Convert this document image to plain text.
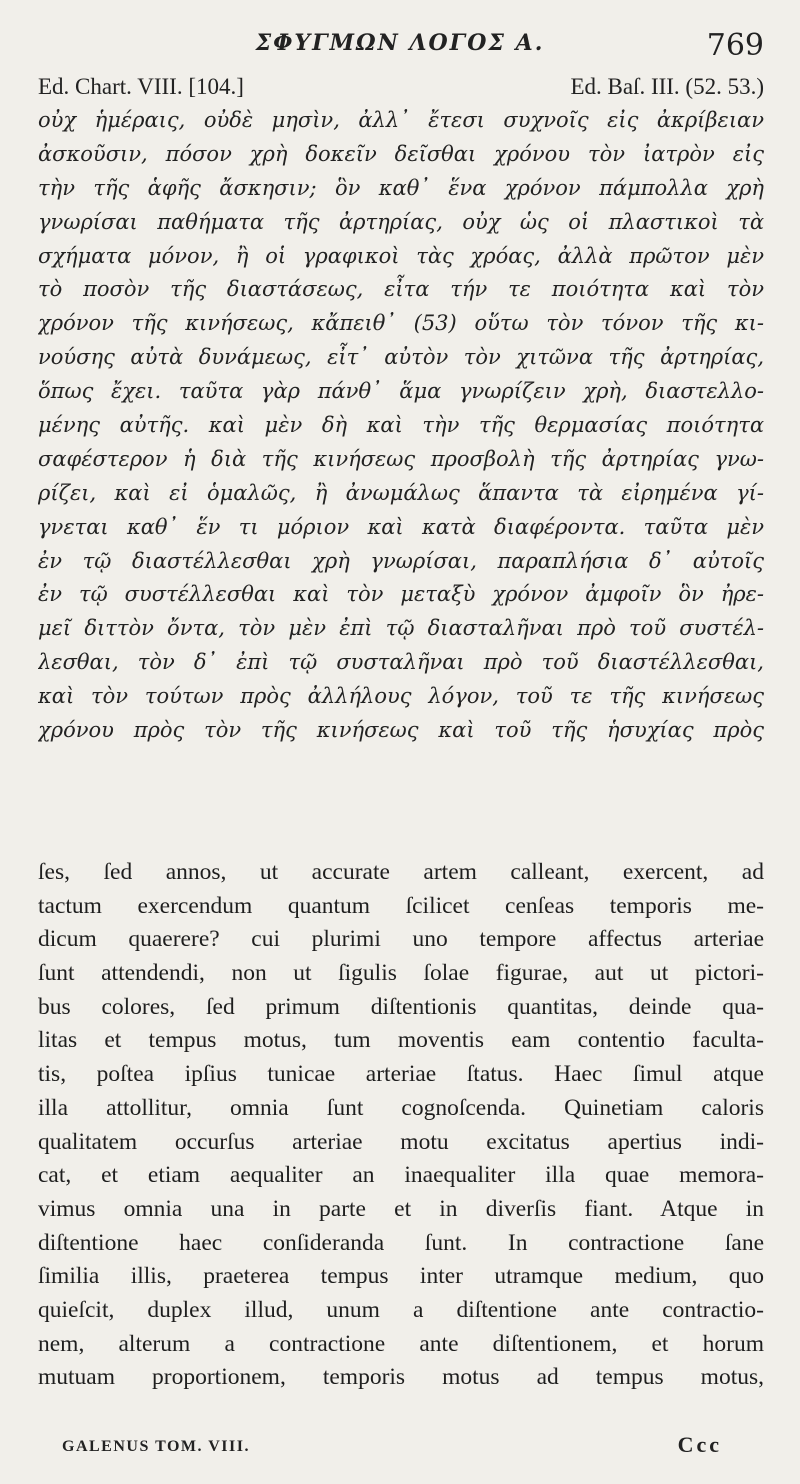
ΣΦΥΓΜΩΝ ΛΟΓΟΣ Α.	769
Ed. Chart. VIII. [104.]	Ed. Baſ. III. (52. 53.)
οὐχ ἡμέραις, οὐδὲ μησὶν, ἀλλ᾽ ἔτεσι συχνοῖς εἰς ἀκρίβειαν
ἀσκοῦσιν, πόσον χρὴ δοκεῖν δεῖσθαι χρόνου τὸν ἰατρὸν εἰς
τὴν τῆς ἁφῆς ἄσκησιν; ὃν καθ᾽ ἕνα χρόνον πάμπολλα χρὴ
γνωρίσαι παθήματα τῆς ἀρτηρίας, οὐχ ὡς οἱ πλαστικοὶ τὰ
σχήματα μόνον, ἢ οἱ γραφικοὶ τὰς χρόας, ἀλλὰ πρῶτον μὲν
τὸ ποσὸν τῆς διαστάσεως, εἶτα τήν τε ποιότητα καὶ τὸν
χρόνον τῆς κινήσεως, κἄπειθ᾽ (53) οὕτω τὸν τόνον τῆς κι-
νούσης αὐτὰ δυνάμεως, εἶτ᾽ αὐτὸν τὸν χιτῶνα τῆς ἀρτηρίας,
ὅπως ἔχει. ταῦτα γὰρ πάνθ᾽ ἅμα γνωρίζειν χρὴ, διαστελλο-
μένης αὐτῆς. καὶ μὲν δὴ καὶ τὴν τῆς θερμασίας ποιότητα
σαφέστερον ἡ διὰ τῆς κινήσεως προσβολὴ τῆς ἀρτηρίας γνω-
ρίζει, καὶ εἰ ὁμαλῶς, ἢ ἀνωμάλως ἅπαντα τὰ εἰρημένα γί-
γνεται καθ᾽ ἕν τι μόριον καὶ κατὰ διαφέροντα. ταῦτα μὲν
ἐν τῷ διαστέλλεσθαι χρὴ γνωρίσαι, παραπλήσια δ᾽ αὐτοῖς
ἐν τῷ συστέλλεσθαι καὶ τὸν μεταξὺ χρόνον ἀμφοῖν ὃν ἠρε-
μεῖ διττὸν ὄντα, τὸν μὲν ἐπὶ τῷ διασταλῆναι πρὸ τοῦ συστέλ-
λεσθαι, τὸν δ᾽ ἐπὶ τῷ συσταλῆναι πρὸ τοῦ διαστέλλεσθαι,
καὶ τὸν τούτων πρὸς ἀλλήλους λόγον, τοῦ τε τῆς κινήσεως
χρόνου πρὸς τὸν τῆς κινήσεως καὶ τοῦ τῆς ἡσυχίας πρὸς
ſes, ſed annos, ut accurate artem calleant, exercent, ad
tactum exercendum quantum ſcilicet cenſeas temporis me-
dicum quaerere? cui plurimi uno tempore affectus arteriae
ſunt attendendi, non ut ſigulis ſolae figurae, aut ut pictori-
bus colores, ſed primum diſtentionis quantitas, deinde qua-
litas et tempus motus, tum moventis eam contentio faculta-
tis, poſtea ipſius tunicae arteriae ſtatus. Haec ſimul atque
illa attollitur, omnia ſunt cognoſcenda. Quinetiam caloris
qualitatem occurſus arteriae motu excitatus apertius indi-
cat, et etiam aequaliter an inaequaliter illa quae memora-
vimus omnia una in parte et in diverſis fiant. Atque in
diſtentione haec conſideranda ſunt. In contractione ſane
ſimilia illis, praeterea tempus inter utramque medium, quo
quieſcit, duplex illud, unum a diſtentione ante contractio-
nem, alterum a contractione ante diſtentionem, et horum
mutuam proportionem, temporis motus ad tempus motus,
GALENUS TOM. VIII.	Ccc
